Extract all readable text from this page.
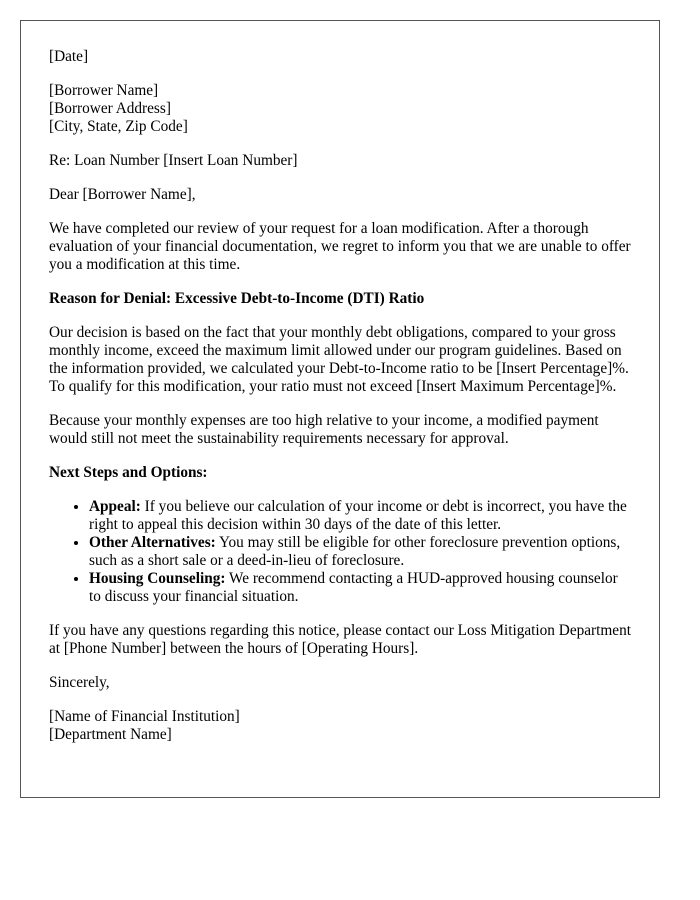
[Date]

[Borrower Name]
[Borrower Address]
[City, State, Zip Code]

Re: Loan Number [Insert Loan Number]

Dear [Borrower Name],

We have completed our review of your request for a loan modification. After a thorough evaluation of your financial documentation, we regret to inform you that we are unable to offer you a modification at this time.

Reason for Denial: Excessive Debt-to-Income (DTI) Ratio

Our decision is based on the fact that your monthly debt obligations, compared to your gross monthly income, exceed the maximum limit allowed under our program guidelines. Based on the information provided, we calculated your Debt-to-Income ratio to be [Insert Percentage]%. To qualify for this modification, your ratio must not exceed [Insert Maximum Percentage]%.

Because your monthly expenses are too high relative to your income, a modified payment would still not meet the sustainability requirements necessary for approval.

Next Steps and Options:

• Appeal: If you believe our calculation of your income or debt is incorrect, you have the right to appeal this decision within 30 days of the date of this letter.
• Other Alternatives: You may still be eligible for other foreclosure prevention options, such as a short sale or a deed-in-lieu of foreclosure.
• Housing Counseling: We recommend contacting a HUD-approved housing counselor to discuss your financial situation.

If you have any questions regarding this notice, please contact our Loss Mitigation Department at [Phone Number] between the hours of [Operating Hours].

Sincerely,

[Name of Financial Institution]
[Department Name]
